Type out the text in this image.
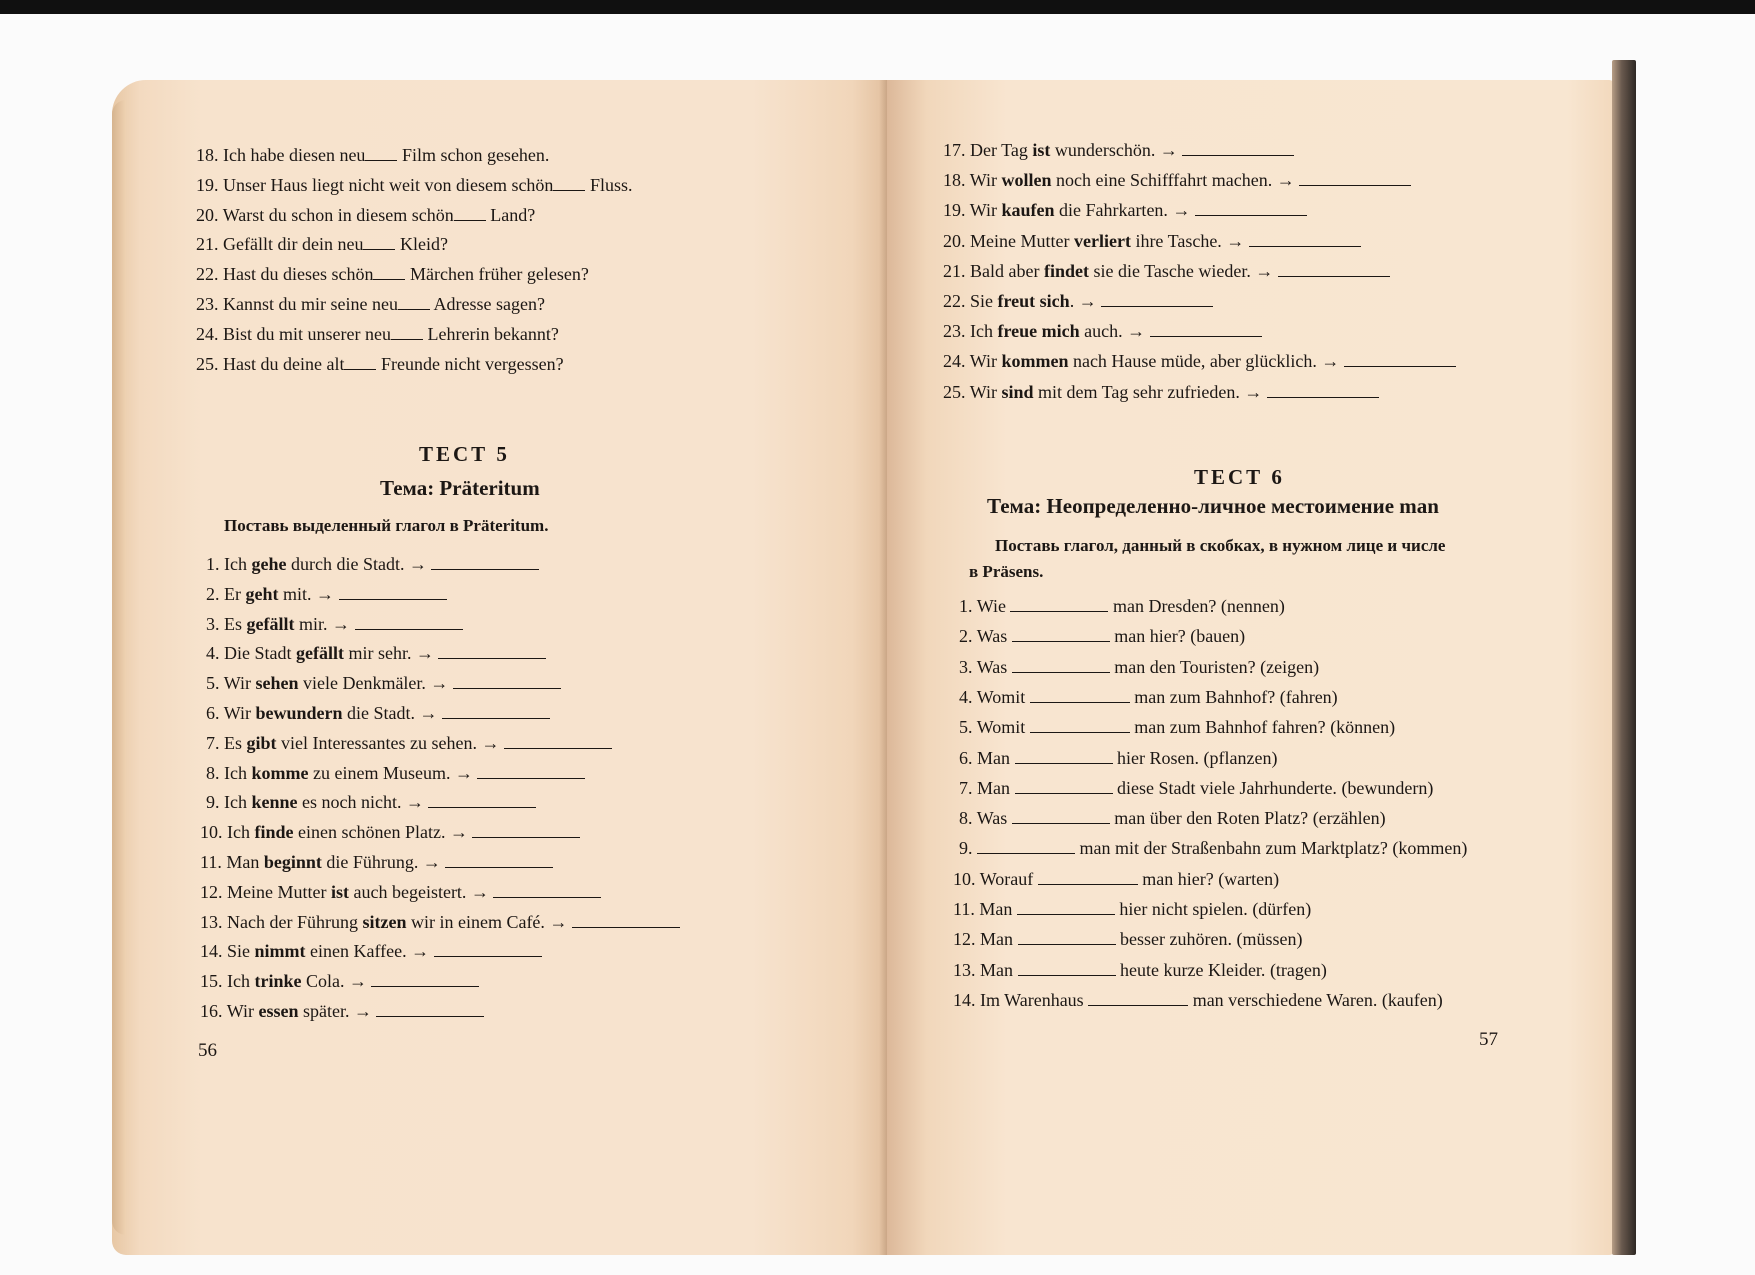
18. Ich habe diesen neu Film schon gesehen.
19. Unser Haus liegt nicht weit von diesem schön Fluss.
20. Warst du schon in diesem schön Land?
21. Gefällt dir dein neu Kleid?
22. Hast du dieses schön Märchen früher gelesen?
23. Kannst du mir seine neu Adresse sagen?
24. Bist du mit unserer neu Lehrerin bekannt?
25. Hast du deine alt Freunde nicht vergessen?
1. Ich gehe durch die Stadt. →
2. Er geht mit. →
3. Es gefällt mir. →
4. Die Stadt gefällt mir sehr. →
5. Wir sehen viele Denkmäler. →
6. Wir bewundern die Stadt. →
7. Es gibt viel Interessantes zu sehen. →
8. Ich komme zu einem Museum. →
9. Ich kenne es noch nicht. →
10. Ich finde einen schönen Platz. →
11. Man beginnt die Führung. →
12. Meine Mutter ist auch begeistert. →
13. Nach der Führung sitzen wir in einem Café. →
14. Sie nimmt einen Kaffee. →
15. Ich trinke Cola. →
16. Wir essen später. →
ТЕСТ 5
Тема: Präteritum
Поставь выделенный глагол в Präteritum.
56
17. Der Tag ist wunderschön. →
18. Wir wollen noch eine Schifffahrt machen. →
19. Wir kaufen die Fahrkarten. →
20. Meine Mutter verliert ihre Tasche. →
21. Bald aber findet sie die Tasche wieder. →
22. Sie freut sich. →
23. Ich freue mich auch. →
24. Wir kommen nach Hause müde, aber glücklich. →
25. Wir sind mit dem Tag sehr zufrieden. →
1. Wie	man Dresden? (nennen)
2. Was	man hier? (bauen)
3. Was	man den Touristen? (zeigen)
4. Womit	man zum Bahnhof? (fahren)
5. Womit	man zum Bahnhof fahren? (können)
6. Man	hier Rosen. (pflanzen)
7. Man	diese Stadt viele Jahrhunderte. (bewundern)
8. Was	man über den Roten Platz? (erzählen)
9.	man mit der Straßenbahn zum Marktplatz? (kommen)
10. Worauf	man hier? (warten)
11. Man	hier nicht spielen. (dürfen)
12. Man	besser zuhören. (müssen)
13. Man	heute kurze Kleider. (tragen)
14. Im Warenhaus	man verschiedene Waren. (kaufen)
ТЕСТ 6
Тема: Неопределенно-личное местоимение man
Поставь глагол, данный в скобках, в нужном лице и числе
в Präsens.
57
